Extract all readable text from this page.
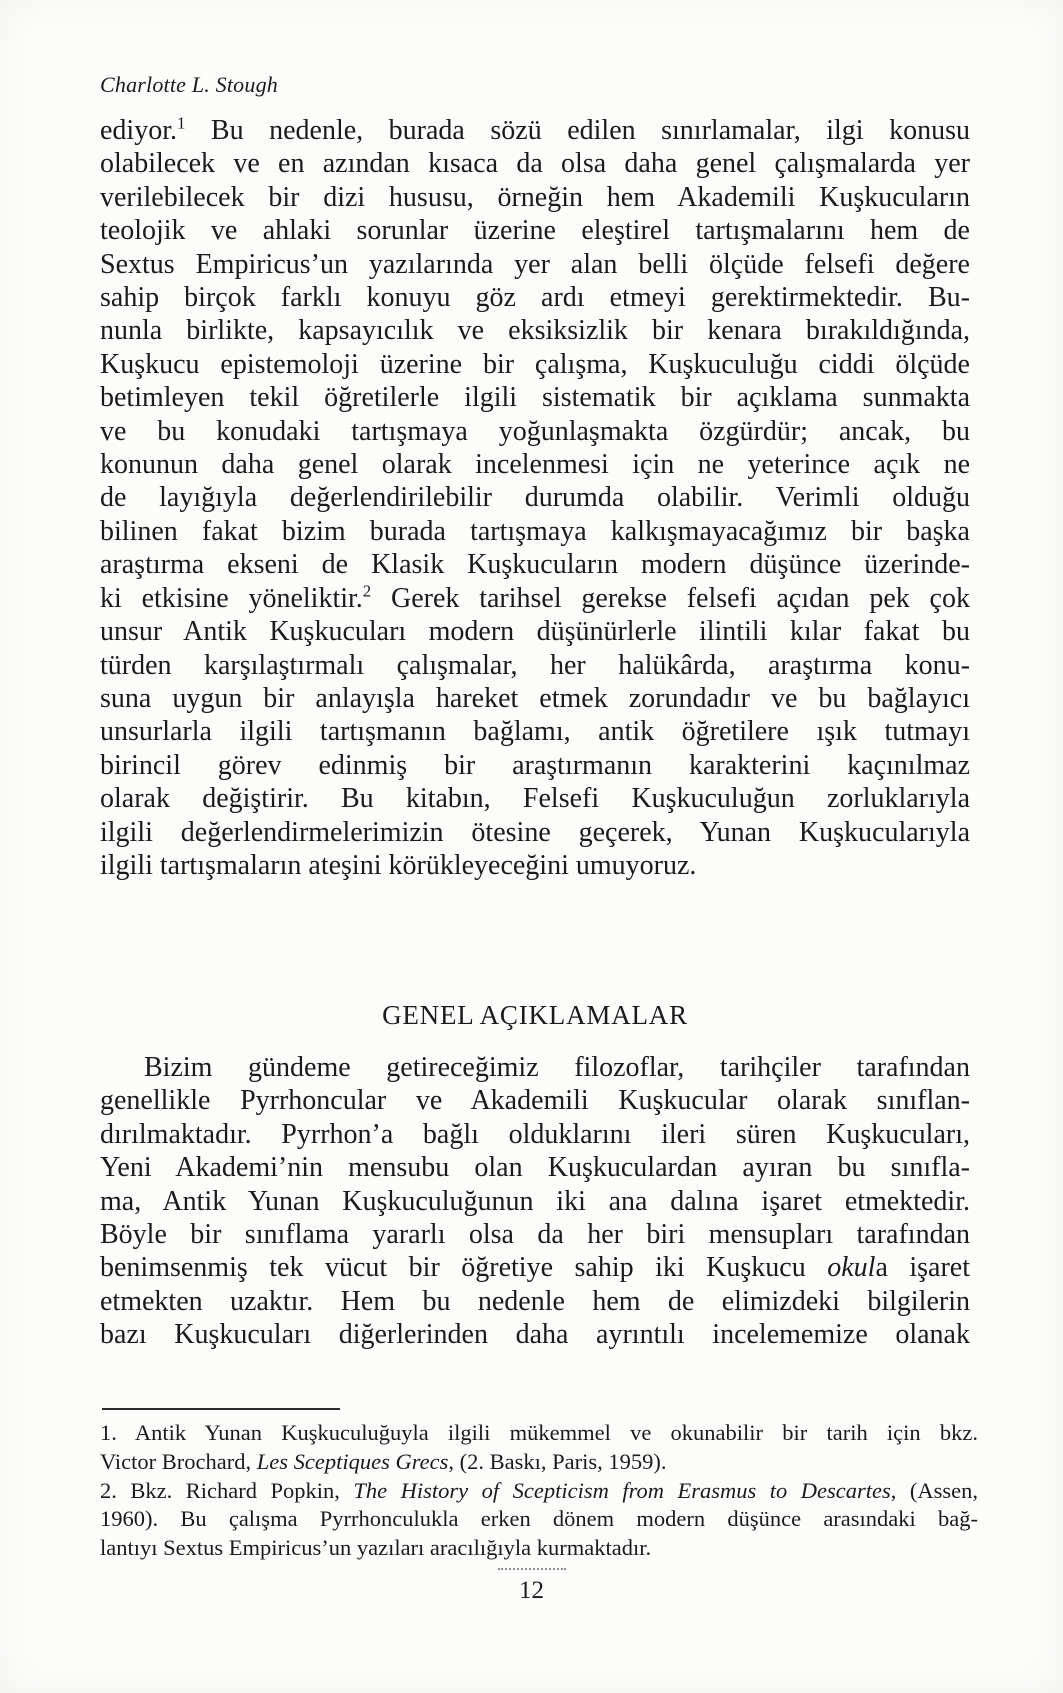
Charlotte L. Stough
ediyor.$^1$ Bu nedenle, burada sözü edilen sınırlamalar, ilgi konusu
olabilecek ve en azından kısaca da olsa daha genel çalışmalarda yer
verilebilecek bir dizi hususu, örneğin hem Akademili Kuşkucuların
teolojik ve ahlaki sorunlar üzerine eleştirel tartışmalarını hem de
Sextus Empiricus’un yazılarında yer alan belli ölçüde felsefi değere
sahip birçok farklı konuyu göz ardı etmeyi gerektirmektedir. Bu-
nunla birlikte, kapsayıcılık ve eksiksizlik bir kenara bırakıldığında,
Kuşkucu epistemoloji üzerine bir çalışma, Kuşkuculuğu ciddi ölçüde
betimleyen tekil öğretilerle ilgili sistematik bir açıklama sunmakta
ve bu konudaki tartışmaya yoğunlaşmakta özgürdür; ancak, bu
konunun daha genel olarak incelenmesi için ne yeterince açık ne
de layığıyla değerlendirilebilir durumda olabilir. Verimli olduğu
bilinen fakat bizim burada tartışmaya kalkışmayacağımız bir başka
araştırma ekseni de Klasik Kuşkucuların modern düşünce üzerinde-
ki etkisine yöneliktir.$^2$ Gerek tarihsel gerekse felsefi açıdan pek çok
unsur Antik Kuşkucuları modern düşünürlerle ilintili kılar fakat bu
türden karşılaştırmalı çalışmalar, her halükârda, araştırma konu-
suna uygun bir anlayışla hareket etmek zorundadır ve bu bağlayıcı
unsurlarla ilgili tartışmanın bağlamı, antik öğretilere ışık tutmayı
birincil görev edinmiş bir araştırmanın karakterini kaçınılmaz
olarak değiştirir. Bu kitabın, Felsefi Kuşkuculuğun zorluklarıyla
ilgili değerlendirmelerimizin ötesine geçerek, Yunan Kuşkucularıyla
ilgili tartışmaların ateşini körükleyeceğini umuyoruz.
GENEL AÇIKLAMALAR
Bizim gündeme getireceğimiz filozoflar, tarihçiler tarafından
genellikle Pyrrhoncular ve Akademili Kuşkucular olarak sınıflan-
dırılmaktadır. Pyrrhon’a bağlı olduklarını ileri süren Kuşkucuları,
Yeni Akademi’nin mensubu olan Kuşkuculardan ayıran bu sınıfla-
ma, Antik Yunan Kuşkuculuğunun iki ana dalına işaret etmektedir.
Böyle bir sınıflama yararlı olsa da her biri mensupları tarafından
benimsenmiş tek vücut bir öğretiye sahip iki Kuşkucu okula işaret
etmekten uzaktır. Hem bu nedenle hem de elimizdeki bilgilerin
bazı Kuşkucuları diğerlerinden daha ayrıntılı incelememize olanak
1. Antik Yunan Kuşkuculuğuyla ilgili mükemmel ve okunabilir bir tarih için bkz.
Victor Brochard, Les Sceptiques Grecs, (2. Baskı, Paris, 1959).
2. Bkz. Richard Popkin, The History of Scepticism from Erasmus to Descartes, (Assen,
1960). Bu çalışma Pyrrhonculukla erken dönem modern düşünce arasındaki bağ-
lantıyı Sextus Empiricus’un yazıları aracılığıyla kurmaktadır.
12
